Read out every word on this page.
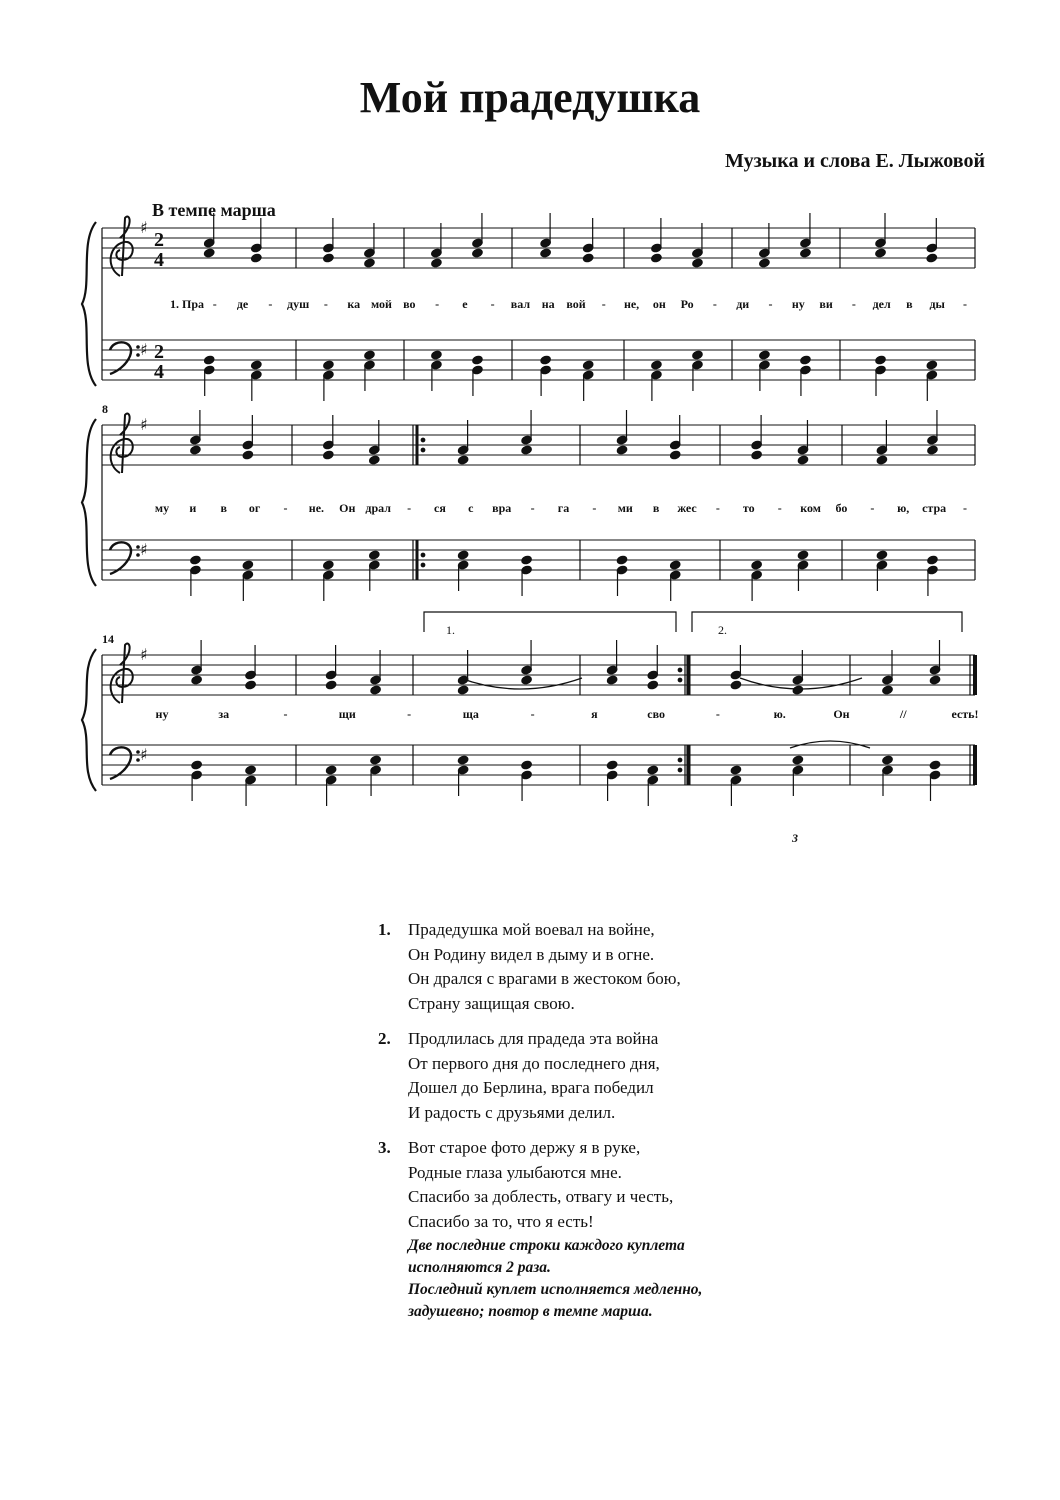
Мой прадедушка
Музыка и слова Е. Лыжовой
В темпе марша
♯
♯
2
4
2
4
♯
♯
♯
♯
1. Пра - де - душ - ка мой во - е - вал на вой - не, он Ро - ди - ну ви - дел в ды -
8
му и в ог - не. Он драл - ся с вра - га - ми в жес - то - ком бо - ю, стра -
14
ну	за	-	щи	-	ща	-	я	сво	-	ю.	Он	//	есть!
1.	2.
3
1.	Прадедушка мой воевал на войне,
Он Родину видел в дыму и в огне.
Он дрался с врагами в жестоком бою,
Страну защищая свою.
2.	Продлилась для прадеда эта война
От первого дня до последнего дня,
Дошел до Берлина, врага победил
И радость с друзьями делил.
3.	Вот старое фото держу я в руке,
Родные глаза улыбаются мне.
Спасибо за доблесть, отвагу и честь,
Спасибо за то, что я есть!
Две последние строки каждого куплета
исполняются 2 раза.
Последний куплет исполняется медленно,
задушевно; повтор в темпе марша.
